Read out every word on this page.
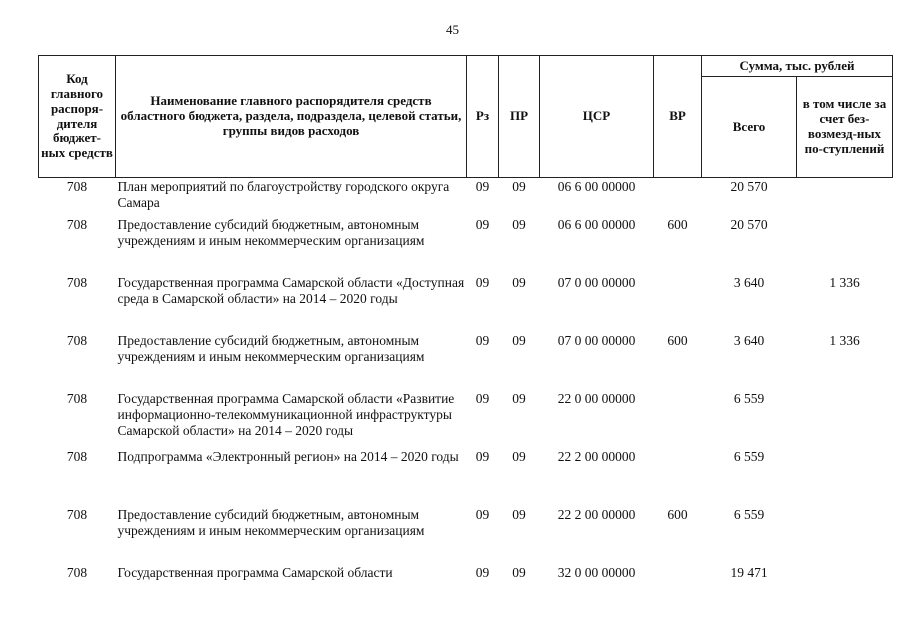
45
Код главного распоря-дителя бюджет-ных средств	Наименование главного распорядителя средств областного бюджета, раздела, подраздела, целевой статьи, группы видов расходов	Рз	ПР	ЦСР	ВР	Сумма, тыс. рублей	
						Всего	в том числе за счет без-возмезд-ных по-ступлений
708	План мероприятий по благоустройству городского округа Самара	09	09	06 6 00 00000		20 570	
708	Предоставление субсидий бюджетным, автономным учреждениям и иным некоммерческим организациям	09	09	06 6 00 00000	600	20 570	
708	Государственная программа Самарской области «Доступная среда в Самарской области» на 2014 – 2020 годы	09	09	07 0 00 00000		3 640	1 336
708	Предоставление субсидий бюджетным, автономным учреждениям и иным некоммерческим организациям	09	09	07 0 00 00000	600	3 640	1 336
708	Государственная программа Самарской области «Развитие информационно-телекоммуникационной инфраструктуры Самарской области» на 2014 – 2020 годы	09	09	22 0 00 00000		6 559	
708	Подпрограмма «Электронный регион» на 2014 – 2020 годы	09	09	22 2 00 00000		6 559	
708	Предоставление субсидий бюджетным, автономным учреждениям и иным некоммерческим организациям	09	09	22 2 00 00000	600	6 559	
708	Государственная программа Самарской области	09	09	32 0 00 00000		19 471	
